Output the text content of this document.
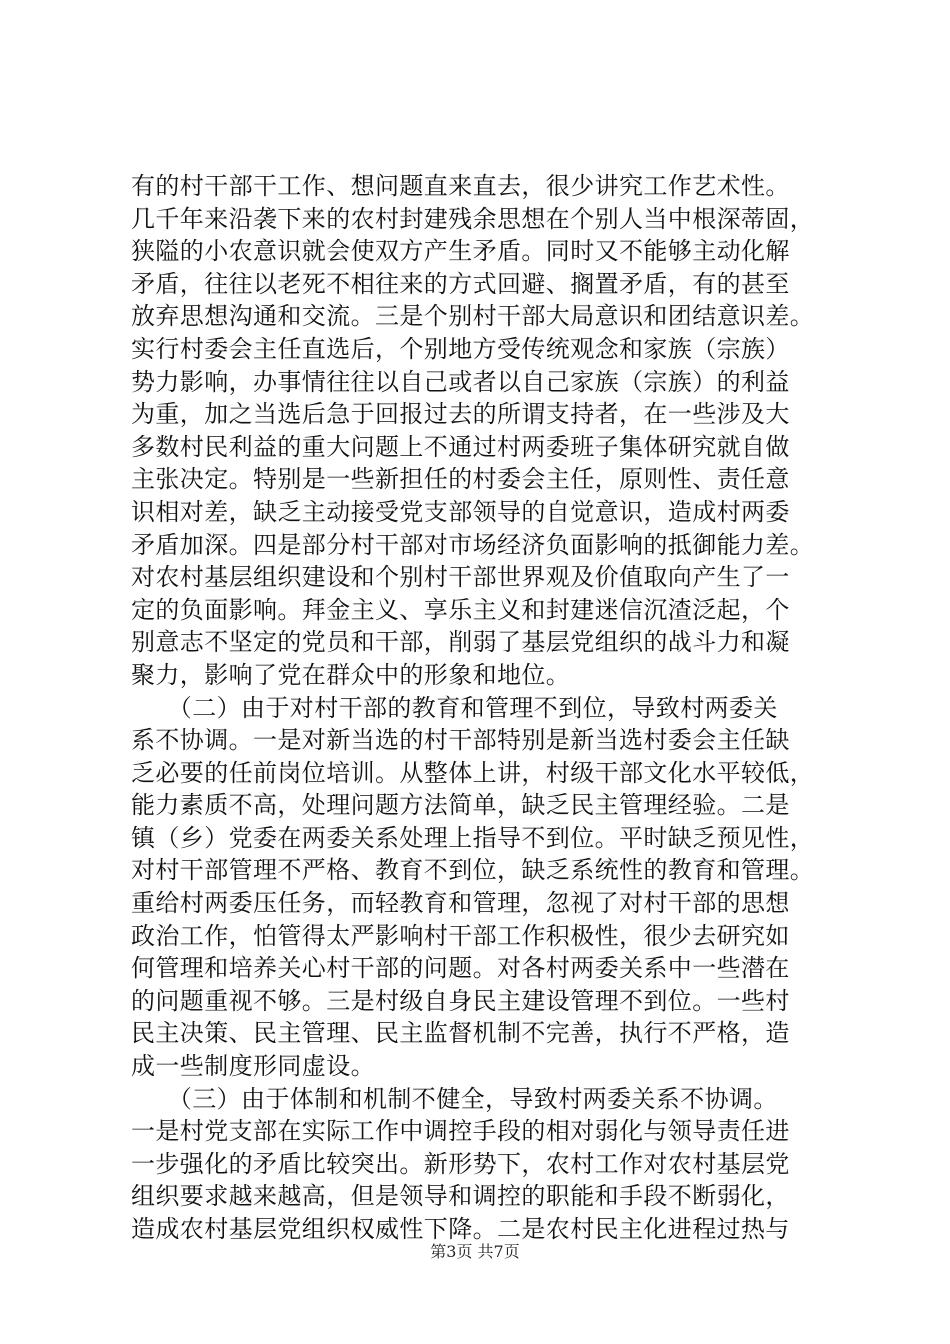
有的村干部干工作、想问题直来直去，很少讲究工作艺术性。
几千年来沿袭下来的农村封建残余思想在个别人当中根深蒂固，
狭隘的小农意识就会使双方产生矛盾。同时又不能够主动化解
矛盾，往往以老死不相往来的方式回避、搁置矛盾，有的甚至
放弃思想沟通和交流。三是个别村干部大局意识和团结意识差。
实行村委会主任直选后，个别地方受传统观念和家族（宗族）
势力影响，办事情往往以自己或者以自己家族（宗族）的利益
为重，加之当选后急于回报过去的所谓支持者，在一些涉及大
多数村民利益的重大问题上不通过村两委班子集体研究就自做
主张决定。特别是一些新担任的村委会主任，原则性、责任意
识相对差，缺乏主动接受党支部领导的自觉意识，造成村两委
矛盾加深。四是部分村干部对市场经济负面影响的抵御能力差。
对农村基层组织建设和个别村干部世界观及价值取向产生了一
定的负面影响。拜金主义、享乐主义和封建迷信沉渣泛起，个
别意志不坚定的党员和干部，削弱了基层党组织的战斗力和凝
聚力，影响了党在群众中的形象和地位。
　　（二）由于对村干部的教育和管理不到位，导致村两委关
系不协调。一是对新当选的村干部特别是新当选村委会主任缺
乏必要的任前岗位培训。从整体上讲，村级干部文化水平较低，
能力素质不高，处理问题方法简单，缺乏民主管理经验。二是
镇（乡）党委在两委关系处理上指导不到位。平时缺乏预见性，
对村干部管理不严格、教育不到位，缺乏系统性的教育和管理。
重给村两委压任务，而轻教育和管理，忽视了对村干部的思想
政治工作，怕管得太严影响村干部工作积极性，很少去研究如
何管理和培养关心村干部的问题。对各村两委关系中一些潜在
的问题重视不够。三是村级自身民主建设管理不到位。一些村
民主决策、民主管理、民主监督机制不完善，执行不严格，造
成一些制度形同虚设。
　　（三）由于体制和机制不健全，导致村两委关系不协调。
一是村党支部在实际工作中调控手段的相对弱化与领导责任进
一步强化的矛盾比较突出。新形势下，农村工作对农村基层党
组织要求越来越高，但是领导和调控的职能和手段不断弱化，
造成农村基层党组织权威性下降。二是农村民主化进程过热与
第3页 共7页
